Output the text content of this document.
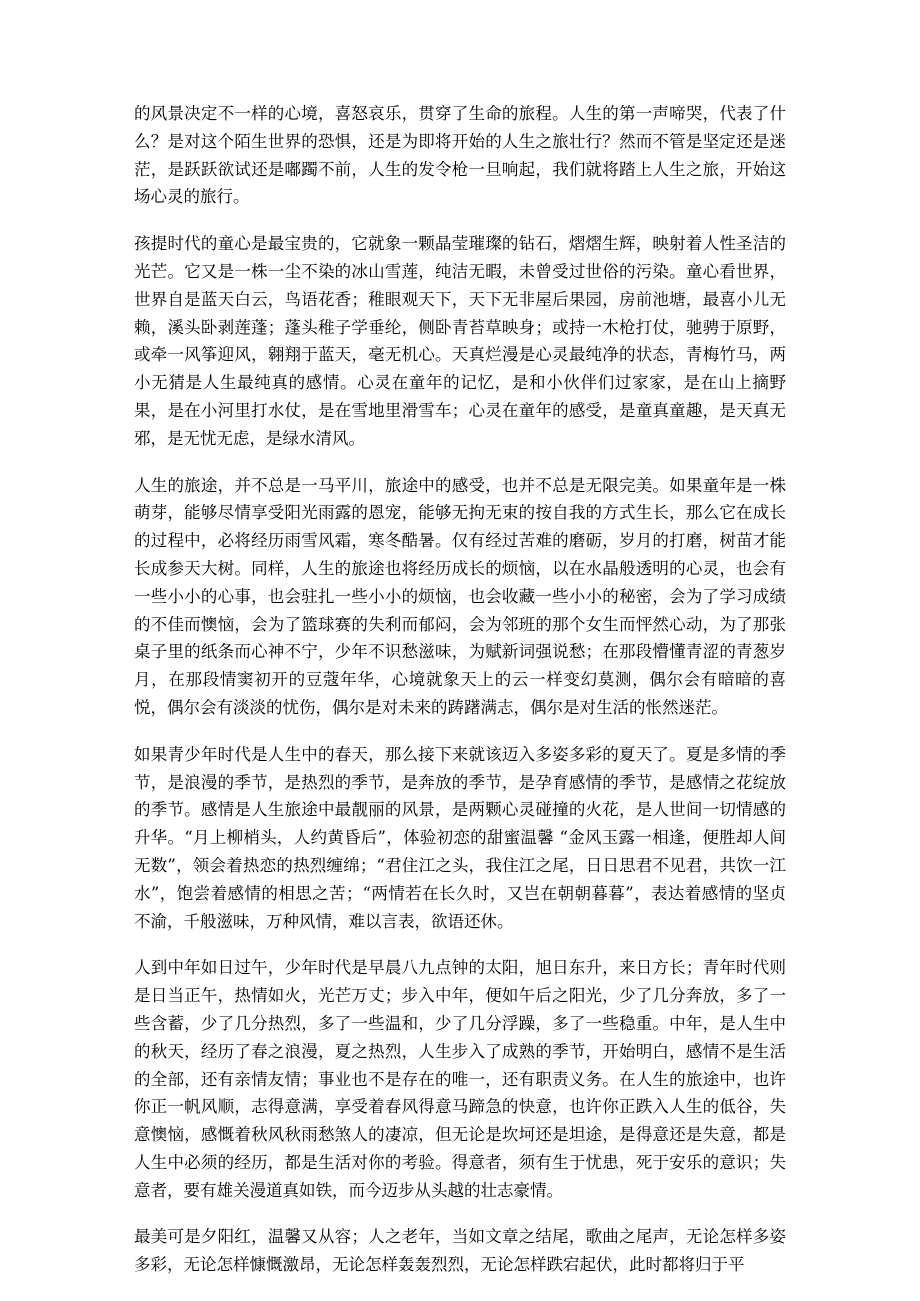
的风景决定不一样的心境，喜怒哀乐，贯穿了生命的旅程。人生的第一声啼哭，代表了什么？是对这个陌生世界的恐惧，还是为即将开始的人生之旅壮行？然而不管是坚定还是迷茫，是跃跃欲试还是嘟躅不前，人生的发令枪一旦响起，我们就将踏上人生之旅，开始这场心灵的旅行。

孩提时代的童心是最宝贵的，它就象一颗晶莹璀璨的钻石，熠熠生辉，映射着人性圣洁的光芒。它又是一株一尘不染的冰山雪莲，纯洁无暇，未曾受过世俗的污染。童心看世界，世界自是蓝天白云，鸟语花香；稚眼观天下，天下无非屋后果园，房前池塘，最喜小儿无赖，溪头卧剥莲蓬；蓬头稚子学垂纶，侧卧青苔草映身；或持一木枪打仗，驰骋于原野，或牵一风筝迎风，翱翔于蓝天，毫无机心。天真烂漫是心灵最纯净的状态，青梅竹马，两小无猜是人生最纯真的感情。心灵在童年的记忆，是和小伙伴们过家家，是在山上摘野果，是在小河里打水仗，是在雪地里滑雪车；心灵在童年的感受，是童真童趣，是天真无邪，是无忧无虑，是绿水清风。

人生的旅途，并不总是一马平川，旅途中的感受，也并不总是无限完美。如果童年是一株萌芽，能够尽情享受阳光雨露的恩宠，能够无拘无束的按自我的方式生长，那么它在成长的过程中，必将经历雨雪风霜，寒冬酷暑。仅有经过苦难的磨砺，岁月的打磨，树苗才能长成参天大树。同样，人生的旅途也将经历成长的烦恼，以在水晶般透明的心灵，也会有一些小小的心事，也会驻扎一些小小的烦恼，也会收藏一些小小的秘密，会为了学习成绩的不佳而懊恼，会为了篮球赛的失利而郁闷，会为邻班的那个女生而怦然心动，为了那张桌子里的纸条而心神不宁，少年不识愁滋味，为赋新词强说愁；在那段懵懂青涩的青葱岁月，在那段情窦初开的豆蔻年华，心境就象天上的云一样变幻莫测，偶尔会有暗暗的喜悦，偶尔会有淡淡的忧伤，偶尔是对未来的踌躇满志，偶尔是对生活的怅然迷茫。

如果青少年时代是人生中的春天，那么接下来就该迈入多姿多彩的夏天了。夏是多情的季节，是浪漫的季节，是热烈的季节，是奔放的季节，是孕育感情的季节，是感情之花绽放的季节。感情是人生旅途中最靓丽的风景，是两颗心灵碰撞的火花，是人世间一切情感的升华。“月上柳梢头，人约黄昏后”，体验初恋的甜蜜温馨 “金风玉露一相逢，便胜却人间无数”，领会着热恋的热烈缠绵；“君住江之头，我住江之尾，日日思君不见君，共饮一江水”，饱尝着感情的相思之苦；“两情若在长久时，又岂在朝朝暮暮”，表达着感情的坚贞不渝，千般滋味，万种风情，难以言表，欲语还休。

人到中年如日过午，少年时代是早晨八九点钟的太阳，旭日东升，来日方长；青年时代则是日当正午，热情如火，光芒万丈；步入中年，便如午后之阳光，少了几分奔放，多了一些含蓄，少了几分热烈，多了一些温和，少了几分浮躁，多了一些稳重。中年，是人生中的秋天，经历了春之浪漫，夏之热烈，人生步入了成熟的季节，开始明白，感情不是生活的全部，还有亲情友情；事业也不是存在的唯一，还有职责义务。在人生的旅途中，也许你正一帆风顺，志得意满，享受着春风得意马蹄急的快意，也许你正跌入人生的低谷，失意懊恼，感慨着秋风秋雨愁煞人的凄凉，但无论是坎坷还是坦途，是得意还是失意，都是人生中必须的经历，都是生活对你的考验。得意者，须有生于忧患，死于安乐的意识；失意者，要有雄关漫道真如铁，而今迈步从头越的壮志豪情。

最美可是夕阳红，温馨又从容；人之老年，当如文章之结尾，歌曲之尾声，无论怎样多姿多彩，无论怎样慷慨激昂，无论怎样轰轰烈烈，无论怎样跌宕起伏，此时都将归于平
